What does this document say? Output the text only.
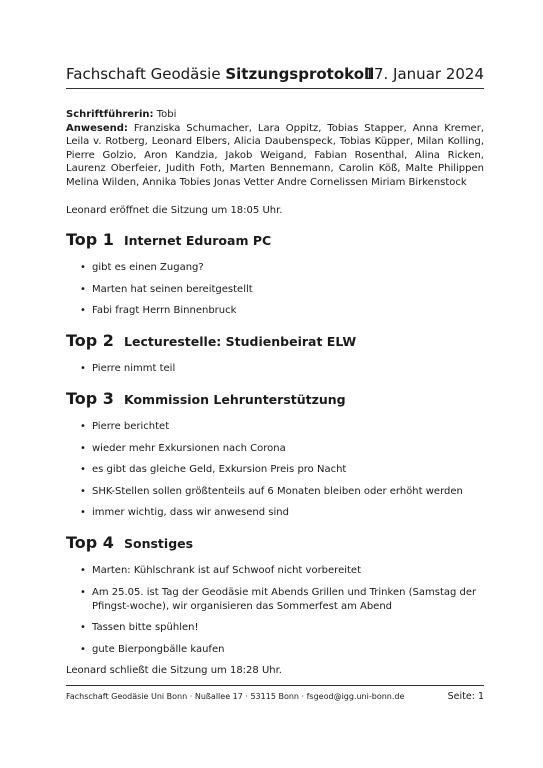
Fachschaft Geodäsie Sitzungsprotokoll
17. Januar 2024

Schriftführerin: Tobi

Anwesend: Franziska Schumacher, Lara Oppitz, Tobias Stapper, Anna Kremer, Leila v. Rotberg, Leonard Elbers, Alicia Daubenspeck, Tobias Küpper, Milan Kolling, Pierre Golzio, Aron Kandzia, Jakob Weigand, Fabian Rosenthal, Alina Ricken, Laurenz Oberfeier, Judith Foth, Marten Bennemann, Carolin Köß, Malte Philippen Melina Wilden, Annika Tobies Jonas Vetter Andre Cornelissen Miriam Birkenstock

Leonard eröffnet die Sitzung um 18:05 Uhr.

Top 1 Internet Eduroam PC
• gibt es einen Zugang?
• Marten hat seinen bereitgestellt
• Fabi fragt Herrn Binnenbruck
Top 2 Lecturestelle: Studienbeirat ELW
• Pierre nimmt teil
Top 3 Kommission Lehrunterstützung
• Pierre berichtet
• wieder mehr Exkursionen nach Corona
• es gibt das gleiche Geld, Exkursion Preis pro Nacht
• SHK-Stellen sollen größtenteils auf 6 Monaten bleiben oder erhöht werden
• immer wichtig, dass wir anwesend sind
Top 4 Sonstiges
• Marten: Kühlschrank ist auf Schwoof nicht vorbereitet
• Am 25.05. ist Tag der Geodäsie mit Abends Grillen und Trinken (Samstag der Pfingst-woche), wir organisieren das Sommerfest am Abend
• Tassen bitte spühlen!
• gute Bierpongbälle kaufen

Leonard schließt die Sitzung um 18:28 Uhr.

Fachschaft Geodäsie Uni Bonn · Nußallee 17 · 53115 Bonn · fsgeod@igg.uni-bonn.de	Seite: 1
